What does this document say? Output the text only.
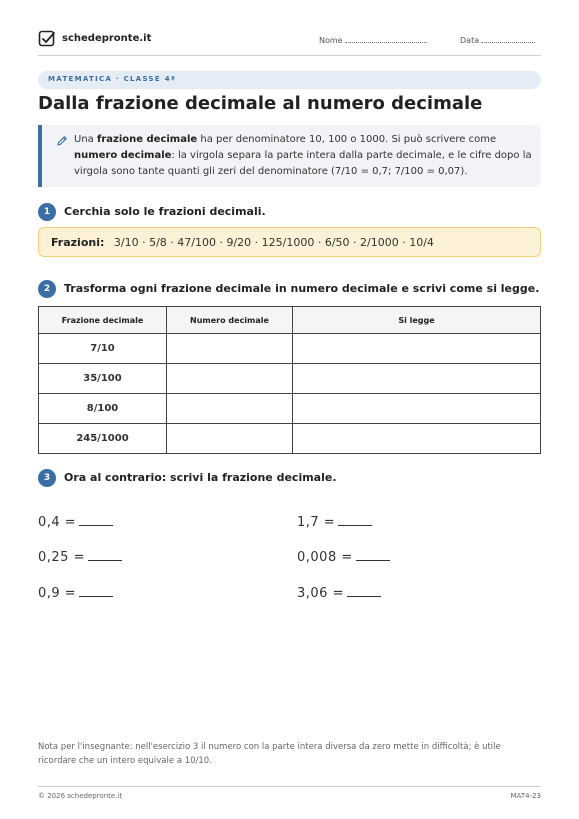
schedepronte.it	Nome	Data
MATEMATICA · CLASSE 4ª
Dalla frazione decimale al numero decimale
Una frazione decimale ha per denominatore 10, 100 o 1000. Si può scrivere come numero decimale: la virgola separa la parte intera dalla parte decimale, e le cifre dopo la virgola sono tante quanti gli zeri del denominatore (7/10 = 0,7; 7/100 = 0,07).
1	Cerchia solo le frazioni decimali.
Frazioni: 3/10 · 5/8 · 47/100 · 9/20 · 125/1000 · 6/50 · 2/1000 · 10/4
2	Trasforma ogni frazione decimale in numero decimale e scrivi come si legge.
Frazione decimale	Numero decimale	Si legge
7/10		
35/100		
8/100		
245/1000		
3	Ora al contrario: scrivi la frazione decimale.
0,4 =	1,7 =
0,25 =	0,008 =
0,9 =	3,06 =
Nota per l'insegnante: nell'esercizio 3 il numero con la parte intera diversa da zero mette in difficoltà; è utile ricordare che un intero equivale a 10/10.
© 2026 schedepronte.it	MAT4-23
